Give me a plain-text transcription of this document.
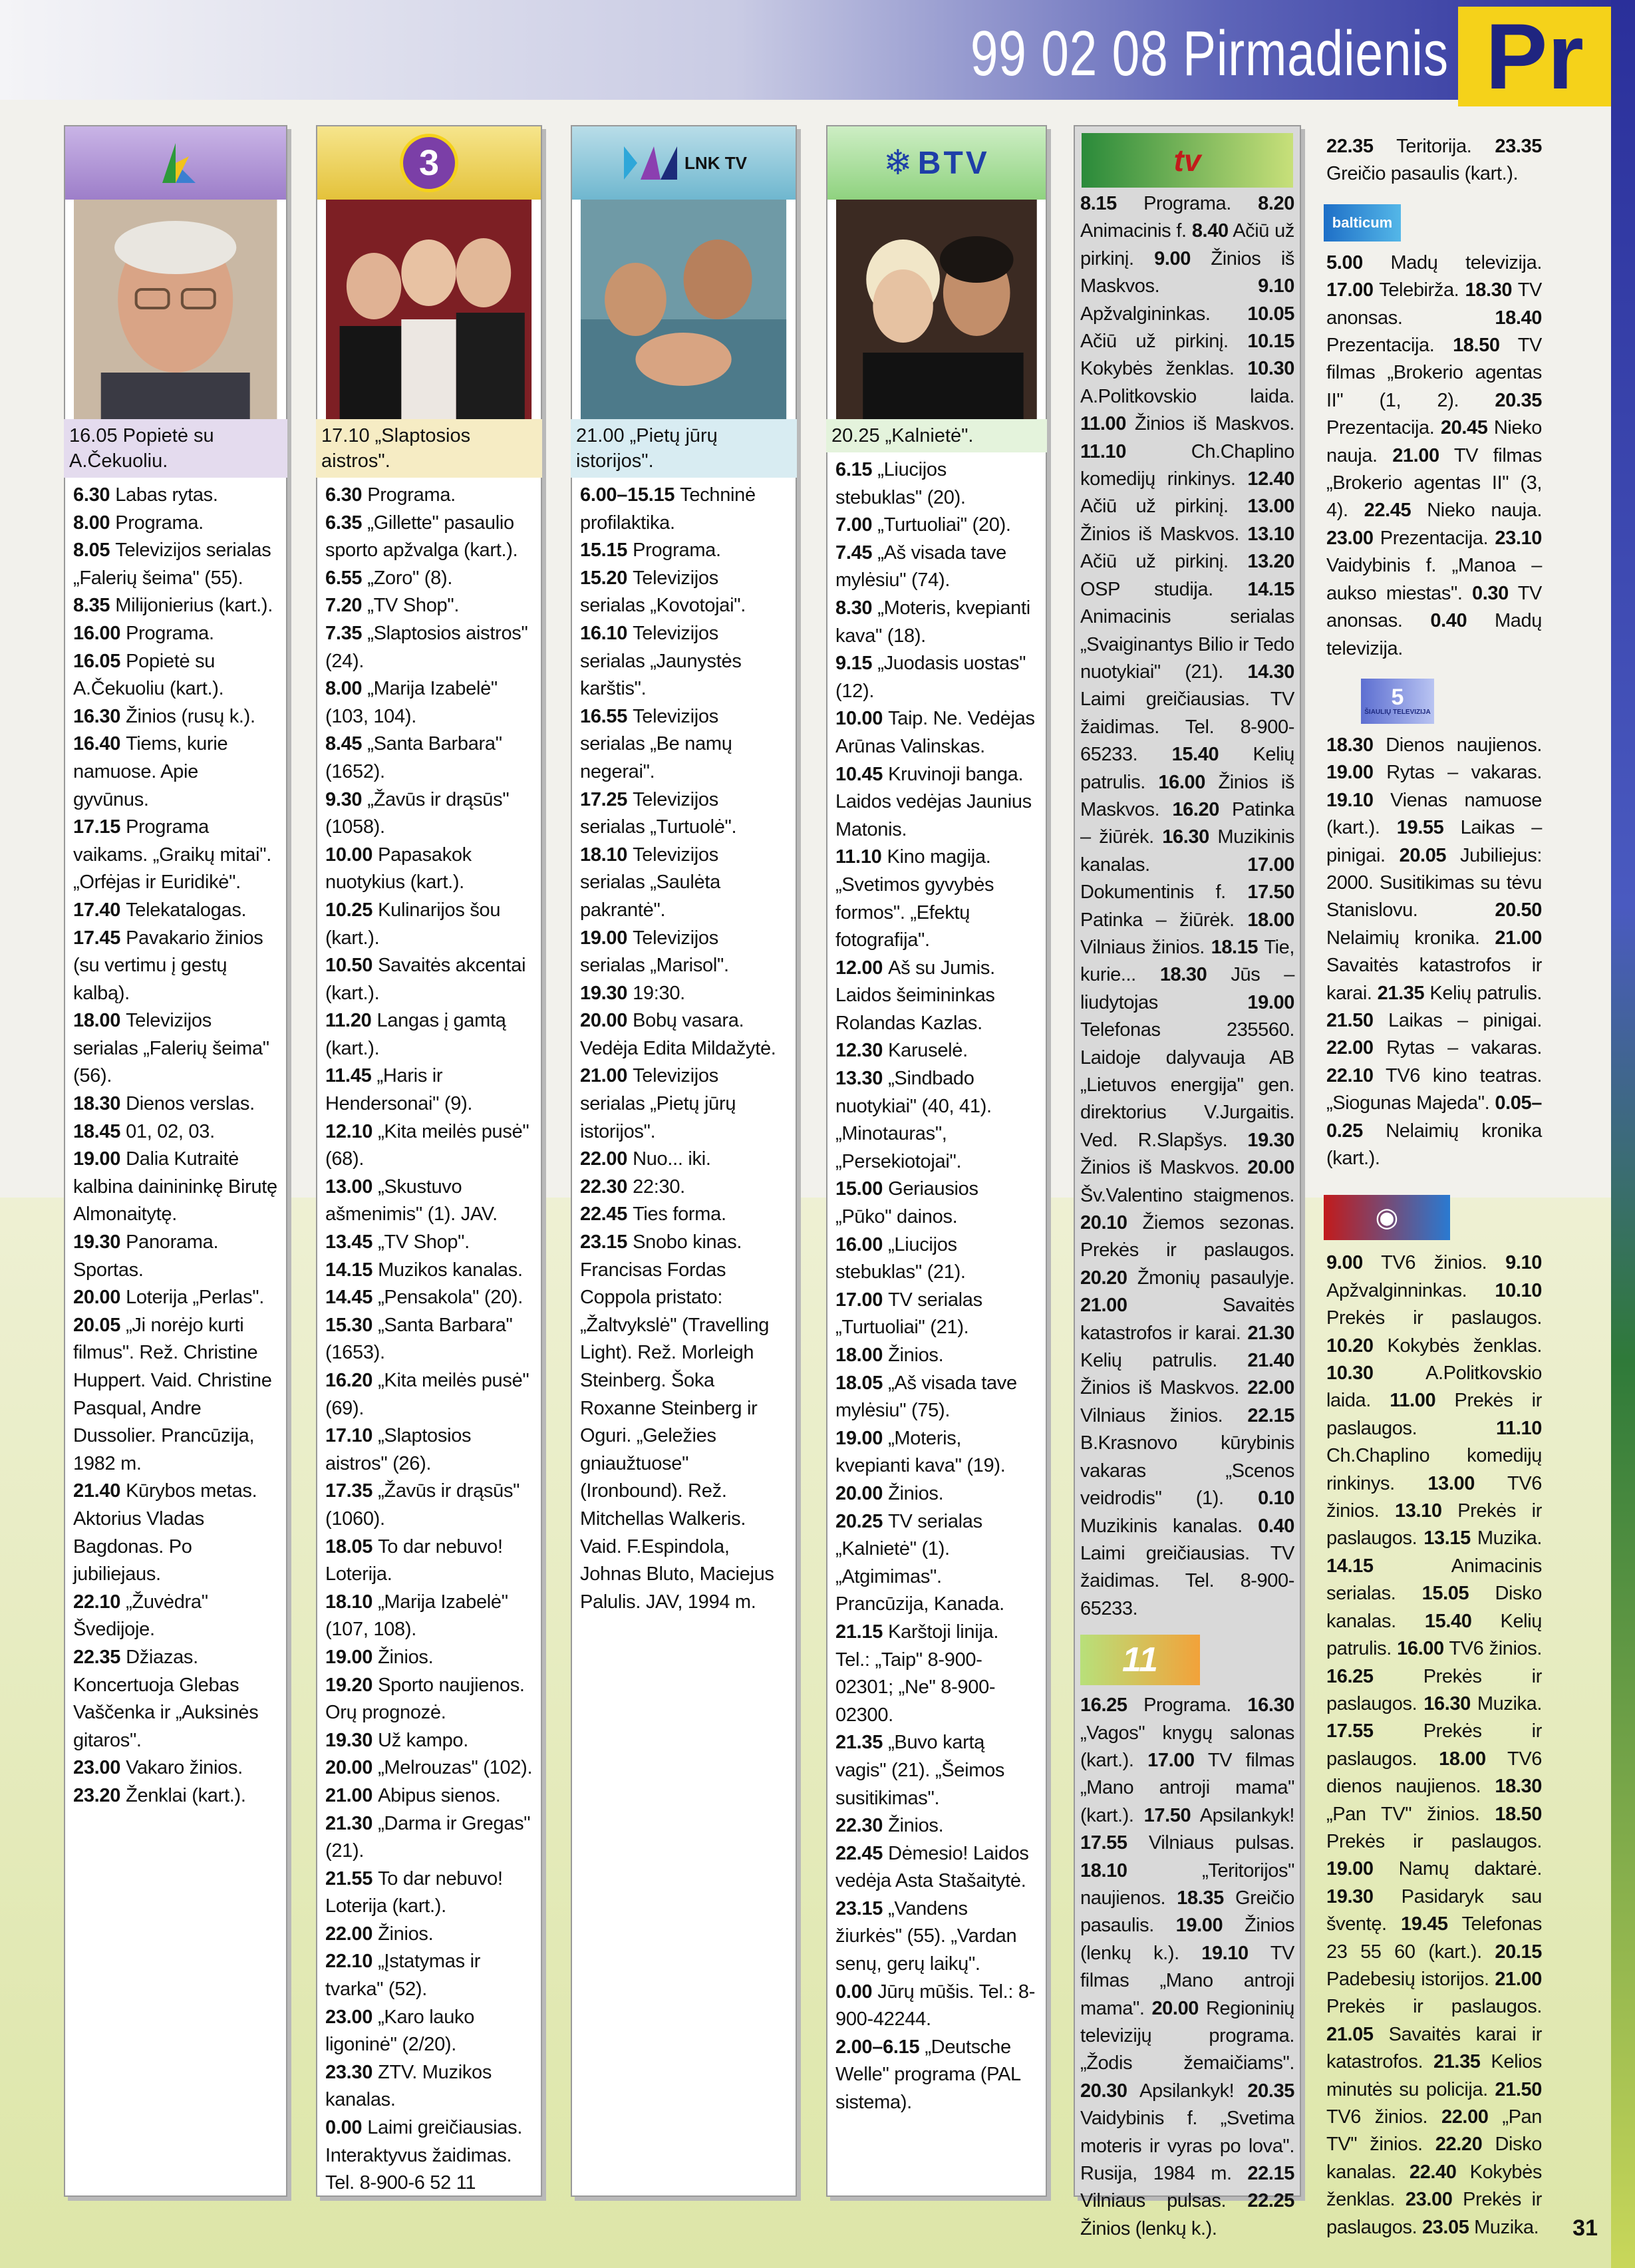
99 02 08 Pirmadienis Pr
16.05 Popietė su A.Čekuoliu.
6.30 Labas rytas.
8.00 Programa.
8.05 Televizijos serialas „Falerių šeima" (55).
8.35 Milijonierius (kart.).
16.00 Programa.
16.05 Popietė su A.Čekuoliu (kart.).
16.30 Žinios (rusų k.).
16.40 Tiems, kurie namuose. Apie gyvūnus.
17.15 Programa vaikams. „Graikų mitai". „Orfėjas ir Euridikė".
17.40 Telekatalogas.
17.45 Pavakario žinios (su vertimu į gestų kalbą).
18.00 Televizijos serialas „Falerių šeima" (56).
18.30 Dienos verslas.
18.45 01, 02, 03.
19.00 Dalia Kutraitė kalbina dainininkę Birutę Almonaitytę.
19.30 Panorama. Sportas.
20.00 Loterija „Perlas".
20.05 „Ji norėjo kurti filmus". Rež. Christine Huppert. Vaid. Christine Pasqual, Andre Dussolier. Prancūzija, 1982 m.
21.40 Kūrybos metas. Aktorius Vladas Bagdonas. Po jubiliejaus.
22.10 „Žuvėdra" Švedijoje.
22.35 Džiazas. Koncertuoja Glebas Vaščenka ir „Auksinės gitaros".
23.00 Vakaro žinios.
23.20 Ženklai (kart.).
3
17.10 „Slaptosios aistros".
6.30 Programa.
6.35 „Gillette" pasaulio sporto apžvalga (kart.).
6.55 „Zoro" (8).
7.20 „TV Shop".
7.35 „Slaptosios aistros" (24).
8.00 „Marija Izabelė" (103, 104).
8.45 „Santa Barbara" (1652).
9.30 „Žavūs ir drąsūs" (1058).
10.00 Papasakok nuotykius (kart.).
10.25 Kulinarijos šou (kart.).
10.50 Savaitės akcentai (kart.).
11.20 Langas į gamtą (kart.).
11.45 „Haris ir Hendersonai" (9).
12.10 „Kita meilės pusė" (68).
13.00 „Skustuvo ašmenimis" (1). JAV.
13.45 „TV Shop".
14.15 Muzikos kanalas.
14.45 „Pensakola" (20).
15.30 „Santa Barbara" (1653).
16.20 „Kita meilės pusė" (69).
17.10 „Slaptosios aistros" (26).
17.35 „Žavūs ir drąsūs" (1060).
18.05 To dar nebuvo! Loterija.
18.10 „Marija Izabelė" (107, 108).
19.00 Žinios.
19.20 Sporto naujienos. Orų prognozė.
19.30 Už kampo.
20.00 „Melrouzas" (102).
21.00 Abipus sienos.
21.30 „Darma ir Gregas" (21).
21.55 To dar nebuvo! Loterija (kart.).
22.00 Žinios.
22.10 „Įstatymas ir tvarka" (52).
23.00 „Karo lauko ligoninė" (2/20).
23.30 ZTV. Muzikos kanalas.
0.00 Laimi greičiausias. Interaktyvus žaidimas. Tel. 8-900-6 52 11
LNK TV
21.00 „Pietų jūrų istorijos".
6.00–15.15 Techninė profilaktika.
15.15 Programa.
15.20 Televizijos serialas „Kovotojai".
16.10 Televizijos serialas „Jaunystės karštis".
16.55 Televizijos serialas „Be namų negerai".
17.25 Televizijos serialas „Turtuolė".
18.10 Televizijos serialas „Saulėta pakrantė".
19.00 Televizijos serialas „Marisol".
19.30 19:30.
20.00 Bobų vasara. Vedėja Edita Mildažytė.
21.00 Televizijos serialas „Pietų jūrų istorijos".
22.00 Nuo... iki.
22.30 22:30.
22.45 Ties forma.
23.15 Snobo kinas. Francisas Fordas Coppola pristato: „Žaltvykslė" (Travelling Light). Rež. Morleigh Steinberg. Šoka Roxanne Steinberg ir Oguri. „Geležies gniaužtuose" (Ironbound). Rež. Mitchellas Walkeris. Vaid. F.Espindola, Johnas Bluto, Maciejus Palulis. JAV, 1994 m.
❄ BTV
20.25 „Kalnietė".
6.15 „Liucijos stebuklas" (20).
7.00 „Turtuoliai" (20).
7.45 „Aš visada tave mylėsiu" (74).
8.30 „Moteris, kvepianti kava" (18).
9.15 „Juodasis uostas" (12).
10.00 Taip. Ne. Vedėjas Arūnas Valinskas.
10.45 Kruvinoji banga. Laidos vedėjas Jaunius Matonis.
11.10 Kino magija. „Svetimos gyvybės formos". „Efektų fotografija".
12.00 Aš su Jumis. Laidos šeimininkas Rolandas Kazlas.
12.30 Karuselė.
13.30 „Sindbado nuotykiai" (40, 41). „Minotauras", „Persekiotojai".
15.00 Geriausios „Pūko" dainos.
16.00 „Liucijos stebuklas" (21).
17.00 TV serialas „Turtuoliai" (21).
18.00 Žinios.
18.05 „Aš visada tave mylėsiu" (75).
19.00 „Moteris, kvepianti kava" (19).
20.00 Žinios.
20.25 TV serialas „Kalnietė" (1). „Atgimimas". Prancūzija, Kanada.
21.15 Karštoji linija. Tel.: „Taip" 8-900-02301; „Ne" 8-900-02300.
21.35 „Buvo kartą vagis" (21). „Šeimos susitikimas".
22.30 Žinios.
22.45 Dėmesio! Laidos vedėja Asta Stašaitytė.
23.15 „Vandens žiurkės" (55). „Vardan senų, gerų laikų".
0.00 Jūrų mūšis. Tel.: 8-900-42244.
2.00–6.15 „Deutsche Welle" programa (PAL sistema).
tv
8.15 Programa. 8.20 Animacinis f. 8.40 Ačiū už pirkinį. 9.00 Žinios iš Maskvos. 9.10 Apžvalgininkas. 10.05 Ačiū už pirkinį. 10.15 Kokybės ženklas. 10.30 A.Politkovskio laida. 11.00 Žinios iš Maskvos. 11.10 Ch.Chaplino komedijų rinkinys. 12.40 Ačiū už pirkinį. 13.00 Žinios iš Maskvos. 13.10 Ačiū už pirkinį. 13.20 OSP studija. 14.15 Animacinis serialas „Svaiginantys Bilio ir Tedo nuotykiai" (21). 14.30 Laimi greičiausias. TV žaidimas. Tel. 8-900-65233. 15.40 Kelių patrulis. 16.00 Žinios iš Maskvos. 16.20 Patinka – žiūrėk. 16.30 Muzikinis kanalas. 17.00 Dokumentinis f. 17.50 Patinka – žiūrėk. 18.00 Vilniaus žinios. 18.15 Tie, kurie... 18.30 Jūs – liudytojas 19.00 Telefonas 235560. Laidoje dalyvauja AB „Lietuvos energija" gen. direktorius V.Jurgaitis. Ved. R.Slapšys. 19.30 Žinios iš Maskvos. 20.00 Šv.Valentino staigmenos. 20.10 Žiemos sezonas. Prekės ir paslaugos. 20.20 Žmonių pasaulyje. 21.00 Savaitės katastrofos ir karai. 21.30 Kelių patrulis. 21.40 Žinios iš Maskvos. 22.00 Vilniaus žinios. 22.15 B.Krasnovo kūrybinis vakaras „Scenos veidrodis" (1). 0.10 Muzikinis kanalas. 0.40 Laimi greičiausias. TV žaidimas. Tel. 8-900-65233.
11
16.25 Programa. 16.30 „Vagos" knygų salonas (kart.). 17.00 TV filmas „Mano antroji mama" (kart.). 17.50 Apsilankyk! 17.55 Vilniaus pulsas. 18.10 „Teritorijos" naujienos. 18.35 Greičio pasaulis. 19.00 Žinios (lenkų k.). 19.10 TV filmas „Mano antroji mama". 20.00 Regioninių televizijų programa. „Žodis žemaičiams". 20.30 Apsilankyk! 20.35 Vaidybinis f. „Svetima moteris ir vyras po lova". Rusija, 1984 m. 22.15 Vilniaus pulsas. 22.25 Žinios (lenkų k.).
22.35 Teritorija. 23.35 Greičio pasaulis (kart.).
balticum
5.00 Madų televizija. 17.00 Telebirža. 18.30 TV anonsas. 18.40 Prezentacija. 18.50 TV filmas „Brokerio agentas II" (1, 2). 20.35 Prezentacija. 20.45 Nieko nauja. 21.00 TV filmas „Brokerio agentas II" (3, 4). 22.45 Nieko nauja. 23.00 Prezentacija. 23.10 Vaidybinis f. „Manoa – aukso miestas". 0.30 TV anonsas. 0.40 Madų televizija.
5
ŠIAULIŲ TELEVIZIJA
18.30 Dienos naujienos. 19.00 Rytas – vakaras. 19.10 Vienas namuose (kart.). 19.55 Laikas – pinigai. 20.05 Jubiliejus: 2000. Susitikimas su tėvu Stanislovu. 20.50 Nelaimių kronika. 21.00 Savaitės katastrofos ir karai. 21.35 Kelių patrulis. 21.50 Laikas – pinigai. 22.00 Rytas – vakaras. 22.10 TV6 kino teatras. „Siogunas Majeda". 0.05–0.25 Nelaimių kronika (kart.).
◉
9.00 TV6 žinios. 9.10 Apžvalginninkas. 10.10 Prekės ir paslaugos. 10.20 Kokybės ženklas. 10.30 A.Politkovskio laida. 11.00 Prekės ir paslaugos. 11.10 Ch.Chaplino komedijų rinkinys. 13.00 TV6 žinios. 13.10 Prekės ir paslaugos. 13.15 Muzika. 14.15 Animacinis serialas. 15.05 Disko kanalas. 15.40 Kelių patrulis. 16.00 TV6 žinios. 16.25 Prekės ir paslaugos. 16.30 Muzika. 17.55 Prekės ir paslaugos. 18.00 TV6 dienos naujienos. 18.30 „Pan TV" žinios. 18.50 Prekės ir paslaugos. 19.00 Namų daktarė. 19.30 Pasidaryk sau šventę. 19.45 Telefonas 23 55 60 (kart.). 20.15 Padebesių istorijos. 21.00 Prekės ir paslaugos. 21.05 Savaitės karai ir katastrofos. 21.35 Kelios minutės su policija. 21.50 TV6 žinios. 22.00 „Pan TV" žinios. 22.20 Disko kanalas. 22.40 Kokybės ženklas. 23.00 Prekės ir paslaugos. 23.05 Muzika.	31
